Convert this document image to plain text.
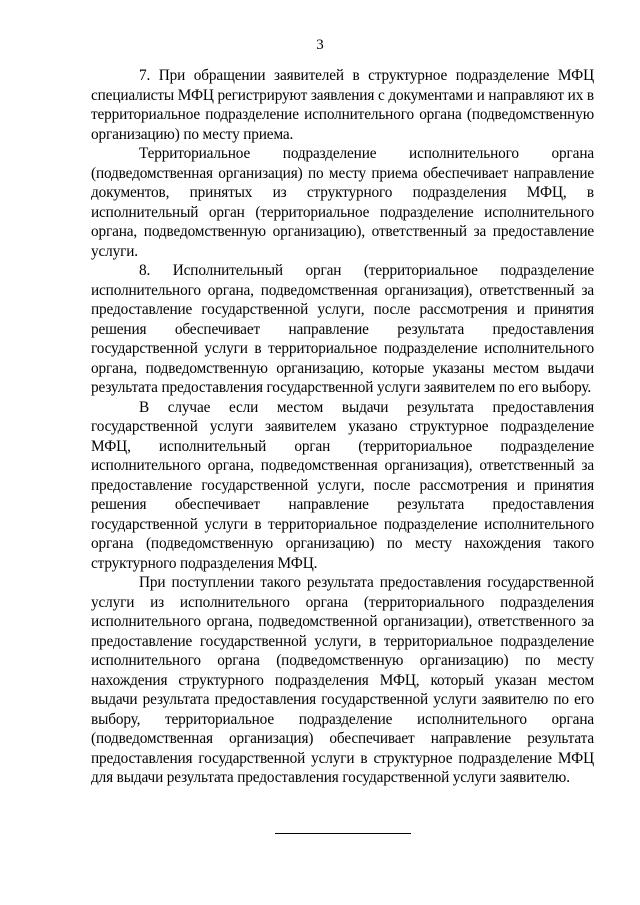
3

7. При обращении заявителей в структурное подразделение МФЦ специалисты МФЦ регистрируют заявления с документами и направляют их в территориальное подразделение исполнительного органа (подведомственную организацию) по месту приема.

Территориальное подразделение исполнительного органа (подведомственная организация) по месту приема обеспечивает направление документов, принятых из структурного подразделения МФЦ, в исполнительный орган (территориальное подразделение исполнительного органа, подведомственную организацию), ответственный за предоставление услуги.

8. Исполнительный орган (территориальное подразделение исполнительного органа, подведомственная организация), ответственный за предоставление государственной услуги, после рассмотрения и принятия решения обеспечивает направление результата предоставления государственной услуги в территориальное подразделение исполнительного органа, подведомственную организацию, которые указаны местом выдачи результата предоставления государственной услуги заявителем по его выбору.

В случае если местом выдачи результата предоставления государственной услуги заявителем указано структурное подразделение МФЦ, исполнительный орган (территориальное подразделение исполнительного органа, подведомственная организация), ответственный за предоставление государственной услуги, после рассмотрения и принятия решения обеспечивает направление результата предоставления государственной услуги в территориальное подразделение исполнительного органа (подведомственную организацию) по месту нахождения такого структурного подразделения МФЦ.

При поступлении такого результата предоставления государственной услуги из исполнительного органа (территориального подразделения исполнительного органа, подведомственной организации), ответственного за предоставление государственной услуги, в территориальное подразделение исполнительного органа (подведомственную организацию) по месту нахождения структурного подразделения МФЦ, который указан местом выдачи результата предоставления государственной услуги заявителю по его выбору, территориальное подразделение исполнительного органа (подведомственная организация) обеспечивает направление результата предоставления государственной услуги в структурное подразделение МФЦ для выдачи результата предоставления государственной услуги заявителю.
